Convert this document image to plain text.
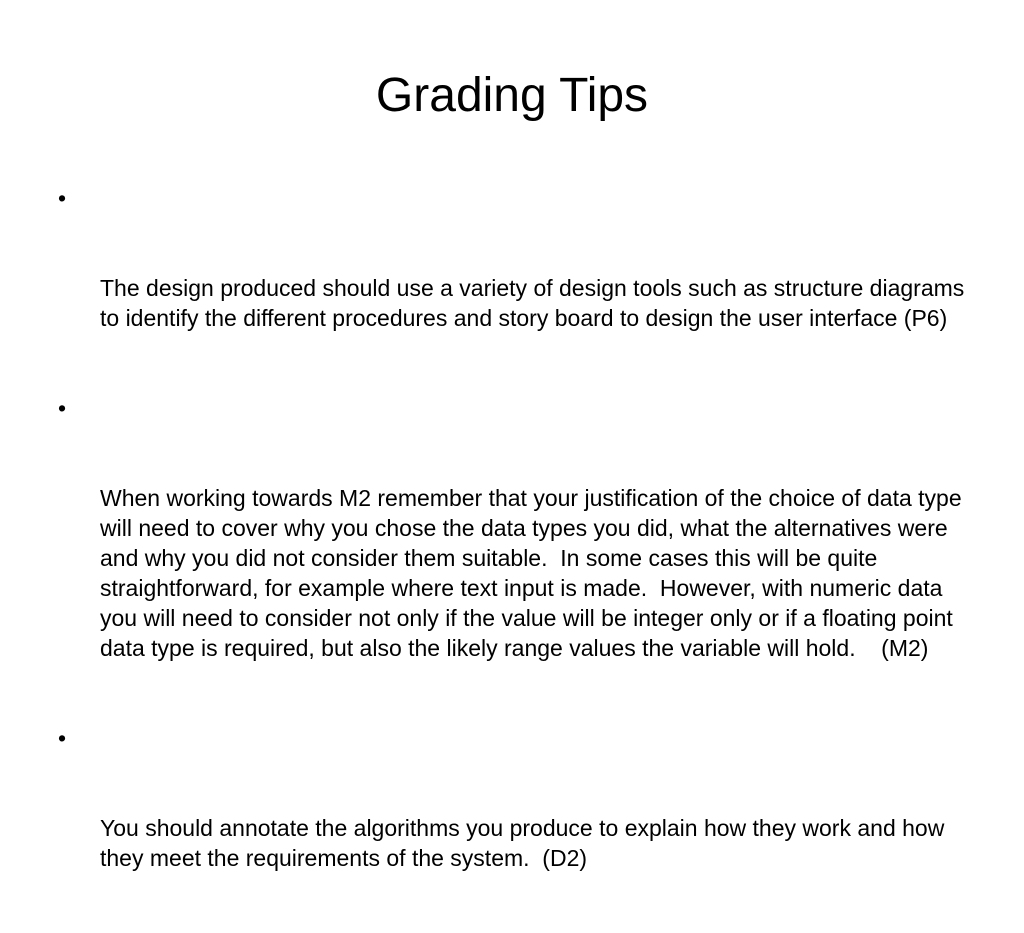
Grading Tips

•

The design produced should use a variety of design tools such as structure diagrams to identify the different procedures and story board to design the user interface (P6)

•

When working towards M2 remember that your justification of the choice of data type will need to cover why you chose the data types you did, what the alternatives were and why you did not consider them suitable.  In some cases this will be quite straightforward, for example where text input is made.  However, with numeric data you will need to consider not only if the value will be integer only or if a floating point data type is required, but also the likely range values the variable will hold.    (M2)

•

You should annotate the algorithms you produce to explain how they work and how they meet the requirements of the system.  (D2)
